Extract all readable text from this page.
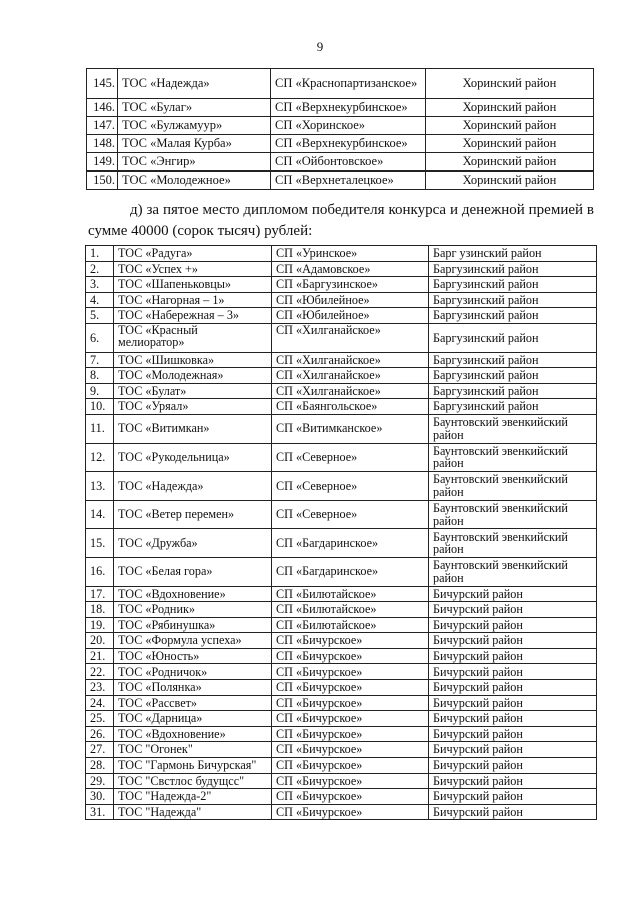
9
145.	ТОС «Надежда»	СП «Краснопартизанское»	Хоринский район
146.	ТОС «Булаг»	СП «Верхнекурбинское»	Хоринский район
147.	ТОС «Булжамуур»	СП «Хоринское»	Хоринский район
148.	ТОС «Малая Курба»	СП «Верхнекурбинское»	Хоринский район
149.	ТОС «Энгир»	СП «Ойбонтовское»	Хоринский район
150.	ТОС «Молодежное»	СП «Верхнеталецкое»	Хоринский район

д) за пятое место дипломом победителя конкурса и денежной премией в сумме 40000 (сорок тысяч) рублей:

1.	ТОС «Радуга»	СП «Уринское»	Барг узинский район
2.	ТОС «Успех +»	СП «Адамовское»	Баргузинский район
3.	ТОС «Шапеньковцы»	СП «Баргузинское»	Баргузинский район
4.	ТОС «Нагорная – 1»	СП «Юбилейное»	Баргузинский район
5.	ТОС «Набережная – 3»	СП «Юбилейное»	Баргузинский район
6.	ТОС «Красный мелиоратор»	СП «Хилганайское»	Баргузинский район
7.	ТОС «Шишковка»	СП «Хилганайское»	Баргузинский район
8.	ТОС «Молодежная»	СП «Хилганайское»	Баргузинский район
9.	ТОС «Булат»	СП «Хилганайское»	Баргузинский район
10.	ТОС «Уряал»	СП «Баянгольское»	Баргузинский район
11.	ТОС «Витимкан»	СП «Витимканское»	Баунтовский эвенкийский район
12.	ТОС «Рукодельница»	СП «Северное»	Баунтовский эвенкийский район
13.	ТОС «Надежда»	СП «Северное»	Баунтовский эвенкийский район
14.	ТОС «Ветер перемен»	СП «Северное»	Баунтовский эвенкийский район
15.	ТОС «Дружба»	СП «Багдаринское»	Баунтовский эвенкийский район
16.	ТОС «Белая гора»	СП «Багдаринское»	Баунтовский эвенкийский район
17.	ТОС «Вдохновение»	СП «Билютайское»	Бичурский район
18.	ТОС «Родник»	СП «Билютайское»	Бичурский район
19.	ТОС «Рябинушка»	СП «Билютайское»	Бичурский район
20.	ТОС «Формула успеха»	СП «Бичурское»	Бичурский район
21.	ТОС «Юность»	СП «Бичурское»	Бичурский район
22.	ТОС «Родничок»	СП «Бичурское»	Бичурский район
23.	ТОС «Полянка»	СП «Бичурское»	Бичурский район
24.	ТОС «Рассвет»	СП «Бичурское»	Бичурский район
25.	ТОС «Дарница»	СП «Бичурское»	Бичурский район
26.	ТОС «Вдохновение»	СП «Бичурское»	Бичурский район
27.	ТОС "Огонек"	СП «Бичурское»	Бичурский район
28.	ТОС "Гармонь Бичурская"	СП «Бичурское»	Бичурский район
29.	ТОС "Свстлос будущсс"	СП «Бичурское»	Бичурский район
30.	ТОС "Надежда-2"	СП «Бичурское»	Бичурский район
31.	ТОС "Надежда"	СП «Бичурское»	Бичурский район
